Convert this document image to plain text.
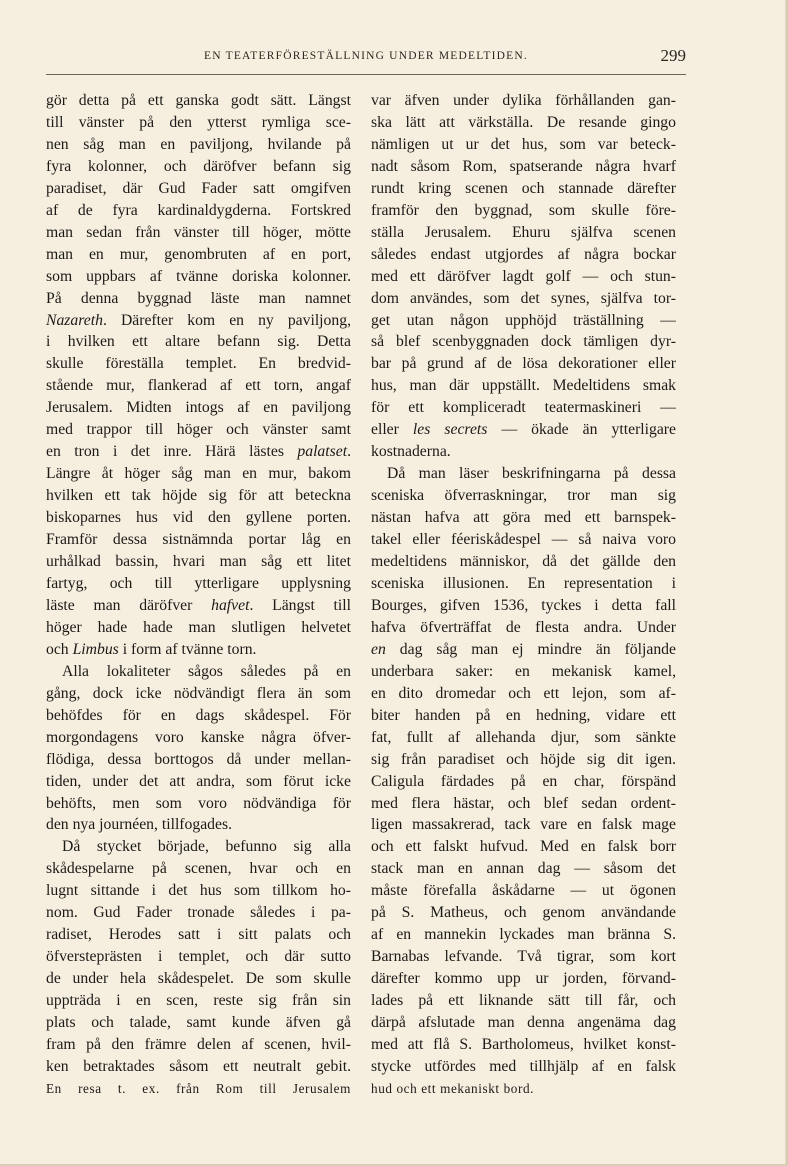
EN TEATERFÖRESTÄLLNING UNDER MEDELTIDEN.	299
gör detta på ett ganska godt sätt. Längst
till vänster på den ytterst rymliga sce-
nen såg man en paviljong, hvilande på
fyra kolonner, och däröfver befann sig
paradiset, där Gud Fader satt omgifven
af de fyra kardinaldygderna. Fortskred
man sedan från vänster till höger, mötte
man en mur, genombruten af en port,
som uppbars af tvänne doriska kolonner.
På denna byggnad läste man namnet
Nazareth. Därefter kom en ny paviljong,
i hvilken ett altare befann sig. Detta
skulle föreställa templet. En bredvid-
stående mur, flankerad af ett torn, angaf
Jerusalem. Midten intogs af en paviljong
med trappor till höger och vänster samt
en tron i det inre. Härä lästes palatset.
Längre åt höger såg man en mur, bakom
hvilken ett tak höjde sig för att beteckna
biskoparnes hus vid den gyllene porten.
Framför dessa sistnämnda portar låg en
urhålkad bassin, hvari man såg ett litet
fartyg, och till ytterligare upplysning
läste man däröfver hafvet. Längst till
höger hade hade man slutligen helvetet
och Limbus i form af tvänne torn.
Alla lokaliteter sågos således på en
gång, dock icke nödvändigt flera än som
behöfdes för en dags skådespel. För
morgondagens voro kanske några öfver-
flödiga, dessa borttogos då under mellan-
tiden, under det att andra, som förut icke
behöfts, men som voro nödvändiga för
den nya journéen, tillfogades.
Då stycket började, befunno sig alla
skådespelarne på scenen, hvar och en
lugnt sittande i det hus som tillkom ho-
nom. Gud Fader tronade således i pa-
radiset, Herodes satt i sitt palats och
öfversteprästen i templet, och där sutto
de under hela skådespelet. De som skulle
uppträda i en scen, reste sig från sin
plats och talade, samt kunde äfven gå
fram på den främre delen af scenen, hvil-
ken betraktades såsom ett neutralt gebit.
En resa t. ex. från Rom till Jerusalem
var äfven under dylika förhållanden gan-
ska lätt att värkställa. De resande gingo
nämligen ut ur det hus, som var beteck-
nadt såsom Rom, spatserande några hvarf
rundt kring scenen och stannade därefter
framför den byggnad, som skulle före-
ställa Jerusalem. Ehuru själfva scenen
således endast utgjordes af några bockar
med ett däröfver lagdt golf — och stun-
dom användes, som det synes, själfva tor-
get utan någon upphöjd träställning —
så blef scenbyggnaden dock tämligen dyr-
bar på grund af de lösa dekorationer eller
hus, man där uppställt. Medeltidens smak
för ett kompliceradt teatermaskineri —
eller les secrets — ökade än ytterligare
kostnaderna.
Då man läser beskrifningarna på dessa
sceniska öfverraskningar, tror man sig
nästan hafva att göra med ett barnspek-
takel eller féeriskådespel — så naiva voro
medeltidens människor, då det gällde den
sceniska illusionen. En representation i
Bourges, gifven 1536, tyckes i detta fall
hafva öfverträffat de flesta andra. Under
en dag såg man ej mindre än följande
underbara saker: en mekanisk kamel,
en dito dromedar och ett lejon, som af-
biter handen på en hedning, vidare ett
fat, fullt af allehanda djur, som sänkte
sig från paradiset och höjde sig dit igen.
Caligula färdades på en char, förspänd
med flera hästar, och blef sedan ordent-
ligen massakrerad, tack vare en falsk mage
och ett falskt hufvud. Med en falsk borr
stack man en annan dag — såsom det
måste förefalla åskådarne — ut ögonen
på S. Matheus, och genom användande
af en mannekin lyckades man bränna S.
Barnabas lefvande. Två tigrar, som kort
därefter kommo upp ur jorden, förvand-
lades på ett liknande sätt till får, och
därpå afslutade man denna angenäma dag
med att flå S. Bartholomeus, hvilket konst-
stycke utfördes med tillhjälp af en falsk
hud och ett mekaniskt bord.
